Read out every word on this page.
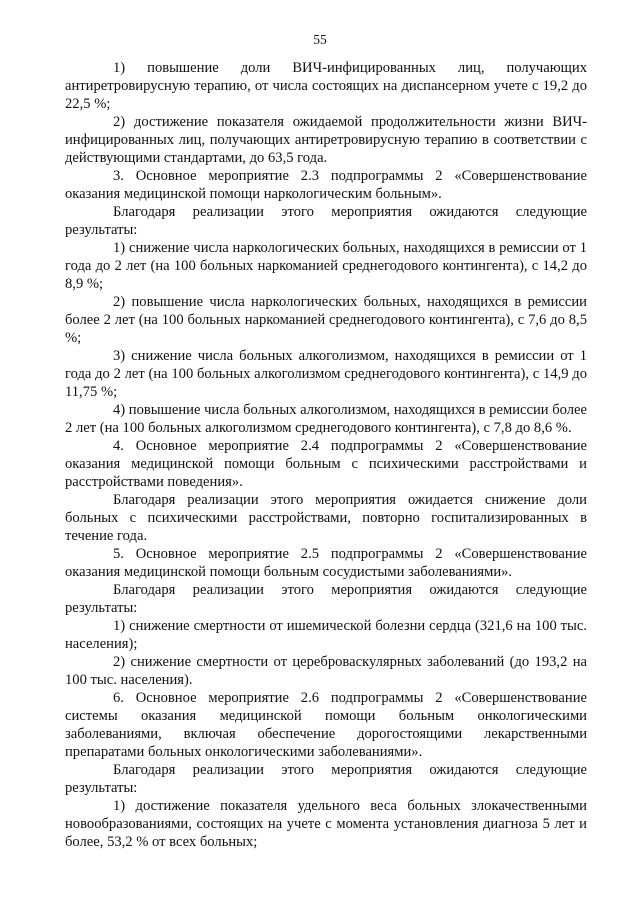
55

1) повышение доли ВИЧ-инфицированных лиц, получающих антиретровирусную терапию, от числа состоящих на диспансерном учете с 19,2 до 22,5 %;

2) достижение показателя ожидаемой продолжительности жизни ВИЧ-инфицированных лиц, получающих антиретровирусную терапию в соответствии с действующими стандартами, до 63,5 года.

3. Основное мероприятие 2.3 подпрограммы 2 «Совершенствование оказания медицинской помощи наркологическим больным».

Благодаря реализации этого мероприятия ожидаются следующие результаты:

1) снижение числа наркологических больных, находящихся в ремиссии от 1 года до 2 лет (на 100 больных наркоманией среднегодового контингента), с 14,2 до 8,9 %;

2) повышение числа наркологических больных, находящихся в ремиссии более 2 лет (на 100 больных наркоманией среднегодового контингента), с 7,6 до 8,5 %;

3) снижение числа больных алкоголизмом, находящихся в ремиссии от 1 года до 2 лет (на 100 больных алкоголизмом среднегодового контингента), с 14,9 до 11,75 %;

4) повышение числа больных алкоголизмом, находящихся в ремиссии более 2 лет (на 100 больных алкоголизмом среднегодового контингента), с 7,8 до 8,6 %.

4. Основное мероприятие 2.4 подпрограммы 2 «Совершенствование оказания медицинской помощи больным с психическими расстройствами и расстройствами поведения».

Благодаря реализации этого мероприятия ожидается снижение доли больных с психическими расстройствами, повторно госпитализированных в течение года.

5. Основное мероприятие 2.5 подпрограммы 2 «Совершенствование оказания медицинской помощи больным сосудистыми заболеваниями».

Благодаря реализации этого мероприятия ожидаются следующие результаты:

1) снижение смертности от ишемической болезни сердца (321,6 на 100 тыс. населения);

2) снижение смертности от цереброваскулярных заболеваний (до 193,2 на 100 тыс. населения).

6. Основное мероприятие 2.6 подпрограммы 2 «Совершенствование системы оказания медицинской помощи больным онкологическими заболеваниями, включая обеспечение дорогостоящими лекарственными препаратами больных онкологическими заболеваниями».

Благодаря реализации этого мероприятия ожидаются следующие результаты:

1) достижение показателя удельного веса больных злокачественными новообразованиями, состоящих на учете с момента установления диагноза 5 лет и более, 53,2 % от всех больных;
